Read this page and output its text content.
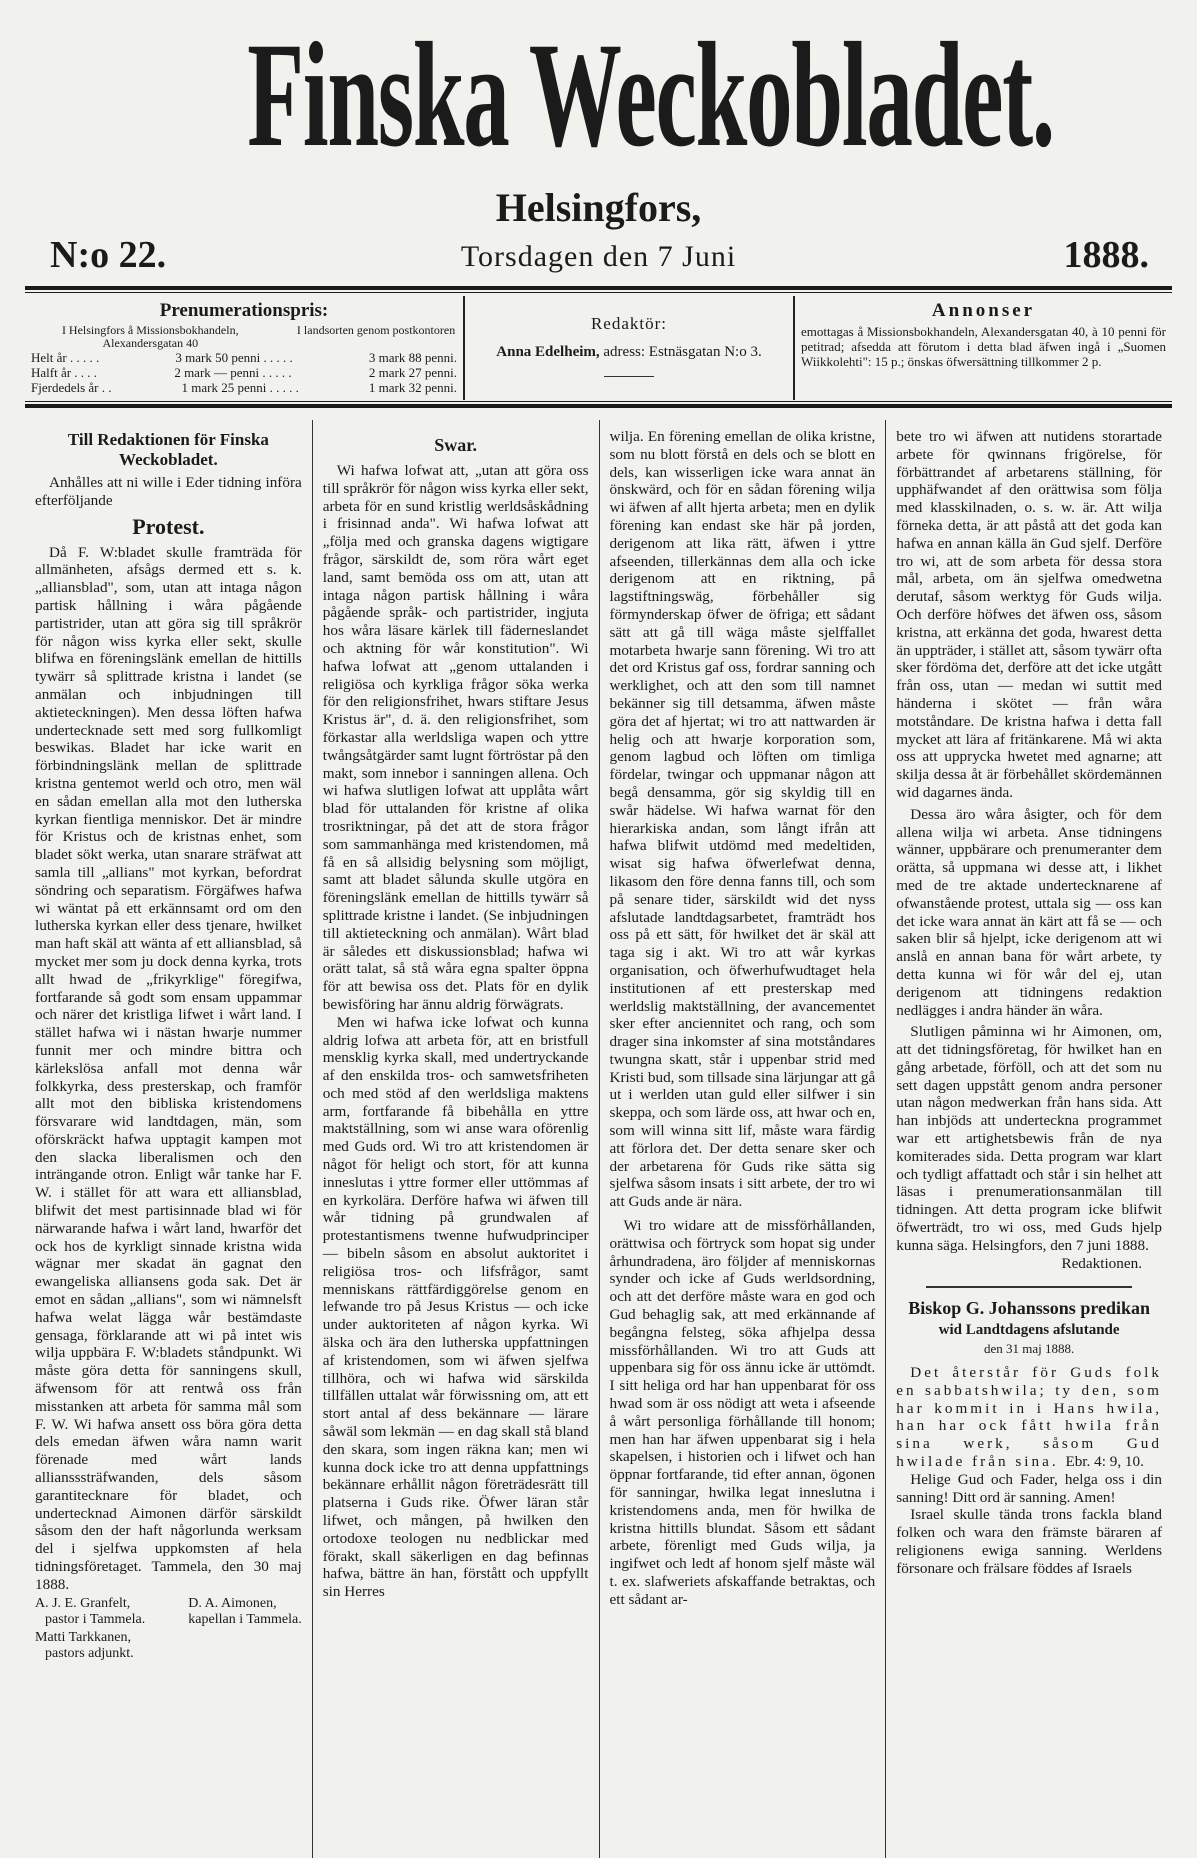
Finska Weckobladet.
Helsingfors,
N:o 22.	Torsdagen den 7 Juni	1888.
Prenumerationspris:
I Helsingfors å Missionsbokhandeln, Alexandersgatan 40
I landsorten genom postkontoren
Helt år . . . . .	3 mark 50 penni . . . . .	3 mark 88 penni.
Halft år . . . .	2 mark — penni . . . . .	2 mark 27 penni.
Fjerdedels år . .	1 mark 25 penni . . . . .	1 mark 32 penni.
Redaktör:
Anna Edelheim, adress: Estnäsgatan N:o 3.
Annonser
emottagas å Missionsbokhandeln, Alexandersgatan 40, à 10 penni för petitrad; afsedda att förutom i detta blad äfwen ingå i „Suomen Wiikkolehti": 15 p.; önskas öfwersättning tillkommer 2 p.
Till Redaktionen för Finska Weckobladet.

Anhålles att ni wille i Eder tidning införa efterföljande

Protest.

Då F. W:bladet skulle framträda för allmänheten, afsågs dermed ett s. k. „alliansblad", som, utan att intaga någon partisk hållning i wåra pågående partistrider, utan att göra sig till språkrör för någon wiss kyrka eller sekt, skulle blifwa en föreningslänk emellan de hittills tywärr så splittrade kristna i landet (se anmälan och inbjudningen till aktieteckningen). Men dessa löften hafwa undertecknade sett med sorg fullkomligt beswikas. Bladet har icke warit en förbindningslänk mellan de splittrade kristna gentemot werld och otro, men wäl en sådan emellan alla mot den lutherska kyrkan fientliga menniskor. Det är mindre för Kristus och de kristnas enhet, som bladet sökt werka, utan snarare sträfwat att samla till „allians" mot kyrkan, befordrat söndring och separatism. Förgäfwes hafwa wi wäntat på ett erkännsamt ord om den lutherska kyrkan eller dess tjenare, hwilket man haft skäl att wänta af ett alliansblad, så mycket mer som ju dock denna kyrka, trots allt hwad de „frikyrklige" föregifwa, fortfarande så godt som ensam uppammar och närer det kristliga lifwet i wårt land. I stället hafwa wi i nästan hwarje nummer funnit mer och mindre bittra och kärlekslösa anfall mot denna wår folkkyrka, dess presterskap, och framför allt mot den bibliska kristendomens försvarare wid landtdagen, män, som oförskräckt hafwa upptagit kampen mot den slacka liberalismen och den inträngande otron. Enligt wår tanke har F. W. i stället för att wara ett alliansblad, blifwit det mest partisinnade blad wi för närwarande hafwa i wårt land, hwarför det ock hos de kyrkligt sinnade kristna wida wägnar mer skadat än gagnat den ewangeliska alliansens goda sak. Det är emot en sådan „allians", som wi nämnelsft hafwa welat lägga wår bestämdaste gensaga, förklarande att wi på intet wis wilja uppbära F. W:bladets ståndpunkt. Wi måste göra detta för sanningens skull, äfwensom för att rentwå oss från misstanken att arbeta för samma mål som F. W. Wi hafwa ansett oss böra göra detta dels emedan äfwen wåra namn warit förenade med wårt lands alliansssträfwanden, dels såsom garantitecknare för bladet, och undertecknad Aimonen därför särskildt såsom den der haft någorlunda werksam del i sjelfwa uppkomsten af hela tidningsföretaget. Tammela, den 30 maj 1888.

A. J. E. Granfelt,
pastor i Tammela.
D. A. Aimonen,
kapellan i Tammela.
Matti Tarkkanen,
pastors adjunkt.
Swar.

Wi hafwa lofwat att, „utan att göra oss till språkrör för någon wiss kyrka eller sekt, arbeta för en sund kristlig werldsåskådning i frisinnad anda". Wi hafwa lofwat att „följa med och granska dagens wigtigare frågor, särskildt de, som röra wårt eget land, samt bemöda oss om att, utan att intaga någon partisk hållning i wåra pågående språk- och partistrider, ingjuta hos wåra läsare kärlek till fäderneslandet och aktning för wår konstitution". Wi hafwa lofwat att „genom uttalanden i religiösa och kyrkliga frågor söka werka för den religionsfrihet, hwars stiftare Jesus Kristus är", d. ä. den religionsfrihet, som förkastar alla werldsliga wapen och yttre twångsåtgärder samt lugnt förtröstar på den makt, som innebor i sanningen allena. Och wi hafwa slutligen lofwat att upplåta wårt blad för uttalanden för kristne af olika trosriktningar, på det att de stora frågor som sammanhänga med kristendomen, må få en så allsidig belysning som möjligt, samt att bladet sålunda skulle utgöra en föreningslänk emellan de hittills tywärr så splittrade kristne i landet. (Se inbjudningen till aktieteckning och anmälan). Wårt blad är således ett diskussionsblad; hafwa wi orätt talat, så stå wåra egna spalter öppna för att bewisa oss det. Plats för en dylik bewisföring har ännu aldrig förwägrats.

Men wi hafwa icke lofwat och kunna aldrig lofwa att arbeta för, att en bristfull mensklig kyrka skall, med undertryckande af den enskilda tros- och samwetsfriheten och med stöd af den werldsliga maktens arm, fortfarande få bibehålla en yttre maktställning, som wi anse wara oförenlig med Guds ord. Wi tro att kristendomen är något för heligt och stort, för att kunna inneslutas i yttre former eller uttömmas af en kyrkolära. Derföre hafwa wi äfwen till wår tidning på grundwalen af protestantismens twenne hufwudprinciper — bibeln såsom en absolut auktoritet i religiösa tros- och lifsfrågor, samt menniskans rättfärdiggörelse genom en lefwande tro på Jesus Kristus — och icke under auktoriteten af någon kyrka. Wi älska och ära den lutherska uppfattningen af kristendomen, som wi äfwen sjelfwa tillhöra, och wi hafwa wid särskilda tillfällen uttalat wår förwissning om, att ett stort antal af dess bekännare — lärare såwäl som lekmän — en dag skall stå bland den skara, som ingen räkna kan; men wi kunna dock icke tro att denna uppfattnings bekännare erhållit någon företrädesrätt till platserna i Guds rike. Öfwer läran står lifwet, och mången, på hwilken den ortodoxe teologen nu nedblickar med förakt, skall säkerligen en dag befinnas hafwa, bättre än han, förstått och uppfyllt sin Herres

wilja. En förening emellan de olika kristne, som nu blott förstå en dels och se blott en dels, kan wisserligen icke wara annat än önskwärd, och för en sådan förening wilja wi äfwen af allt hjerta arbeta; men en dylik förening kan endast ske här på jorden, derigenom att lika rätt, äfwen i yttre afseenden, tillerkännas dem alla och icke derigenom att en riktning, på lagstiftningswäg, förbehåller sig förmynderskap öfwer de öfriga; ett sådant sätt att gå till wäga måste sjelffallet motarbeta hwarje sann förening. Wi tro att det ord Kristus gaf oss, fordrar sanning och werklighet, och att den som till namnet bekänner sig till detsamma, äfwen måste göra det af hjertat; wi tro att nattwarden är helig och att hwarje korporation som, genom lagbud och löften om timliga fördelar, twingar och uppmanar någon att begå densamma, gör sig skyldig till en swår hädelse. Wi hafwa warnat för den hierarkiska andan, som långt ifrån att hafwa blifwit utdömd med medeltiden, wisat sig hafwa öfwerlefwat denna, likasom den före denna fanns till, och som på senare tider, särskildt wid det nyss afslutade landtdagsarbetet, framträdt hos oss på ett sätt, för hwilket det är skäl att taga sig i akt. Wi tro att wår kyrkas organisation, och öfwerhufwudtaget hela institutionen af ett presterskap med werldslig maktställning, der avancementet sker efter anciennitet och rang, och som drager sina inkomster af sina motståndares twungna skatt, står i uppenbar strid med Kristi bud, som tillsade sina lärjungar att gå ut i werlden utan guld eller silfwer i sin skeppa, och som lärde oss, att hwar och en, som will winna sitt lif, måste wara färdig att förlora det. Der detta senare sker och der arbetarena för Guds rike sätta sig sjelfwa såsom insats i sitt arbete, der tro wi att Guds ande är nära.

Wi tro widare att de missförhållanden, orättwisa och förtryck som hopat sig under århundradena, äro följder af menniskornas synder och icke af Guds werldsordning, och att det derföre måste wara en god och Gud behaglig sak, att med erkännande af begångna felsteg, söka afhjelpa dessa missförhållanden. Wi tro att Guds att uppenbara sig för oss ännu icke är uttömdt. I sitt heliga ord har han uppenbarat för oss hwad som är oss nödigt att weta i afseende å wårt personliga förhållande till honom; men han har äfwen uppenbarat sig i hela skapelsen, i historien och i lifwet och han öppnar fortfarande, tid efter annan, ögonen för sanningar, hwilka legat inneslutna i kristendomens anda, men för hwilka de kristna hittills blundat. Såsom ett sådant arbete, förenligt med Guds wilja, ja ingifwet och ledt af honom sjelf måste wäl t. ex. slafweriets afskaffande betraktas, och ett sådant ar-

bete tro wi äfwen att nutidens storartade arbete för qwinnans frigörelse, för förbättrandet af arbetarens ställning, för upphäfwandet af den orättwisa som följa med klasskilnaden, o. s. w. är. Att wilja förneka detta, är att påstå att det goda kan hafwa en annan källa än Gud sjelf. Derföre tro wi, att de som arbeta för dessa stora mål, arbeta, om än sjelfwa omedwetna derutaf, såsom werktyg för Guds wilja. Och derföre höfwes det äfwen oss, såsom kristna, att erkänna det goda, hwarest detta än uppträder, i stället att, såsom tywärr ofta sker fördöma det, derföre att det icke utgått från oss, utan — medan wi suttit med händerna i skötet — från wåra motståndare. De kristna hafwa i detta fall mycket att lära af fritänkarene. Må wi akta oss att upprycka hwetet med agnarne; att skilja dessa åt är förbehållet skördemännen wid dagarnes ända.

Dessa äro wåra åsigter, och för dem allena wilja wi arbeta. Anse tidningens wänner, uppbärare och prenumeranter dem orätta, så uppmana wi desse att, i likhet med de tre aktade undertecknarene af ofwanstående protest, uttala sig — oss kan det icke wara annat än kärt att få se — och saken blir så hjelpt, icke derigenom att wi anslå en annan bana för wårt arbete, ty detta kunna wi för wår del ej, utan derigenom att tidningens redaktion nedlägges i andra händer än wåra.

Slutligen påminna wi hr Aimonen, om, att det tidningsföretag, för hwilket han en gång arbetade, förföll, och att det som nu sett dagen uppstått genom andra personer utan någon medwerkan från hans sida. Att han inbjöds att underteckna programmet war ett artighetsbewis från de nya komiterades sida. Detta program war klart och tydligt affattadt och står i sin helhet att läsas i prenumerationsanmälan till tidningen. Att detta program icke blifwit öfwerträdt, tro wi oss, med Guds hjelp kunna säga. Helsingfors, den 7 juni 1888.

Redaktionen.
Biskop G. Johanssons predikan
wid Landtdagens afslutande
den 31 maj 1888.

Det återstår för Guds folk en sabbatshwila; ty den, som har kommit in i Hans hwila, han har ock fått hwila från sina werk, såsom Gud hwilade från sina. Ebr. 4: 9, 10.

Helige Gud och Fader, helga oss i din sanning! Ditt ord är sanning. Amen!

Israel skulle tända trons fackla bland folken och wara den främste bäraren af religionens ewiga sanning. Werldens försonare och frälsare föddes af Israels
